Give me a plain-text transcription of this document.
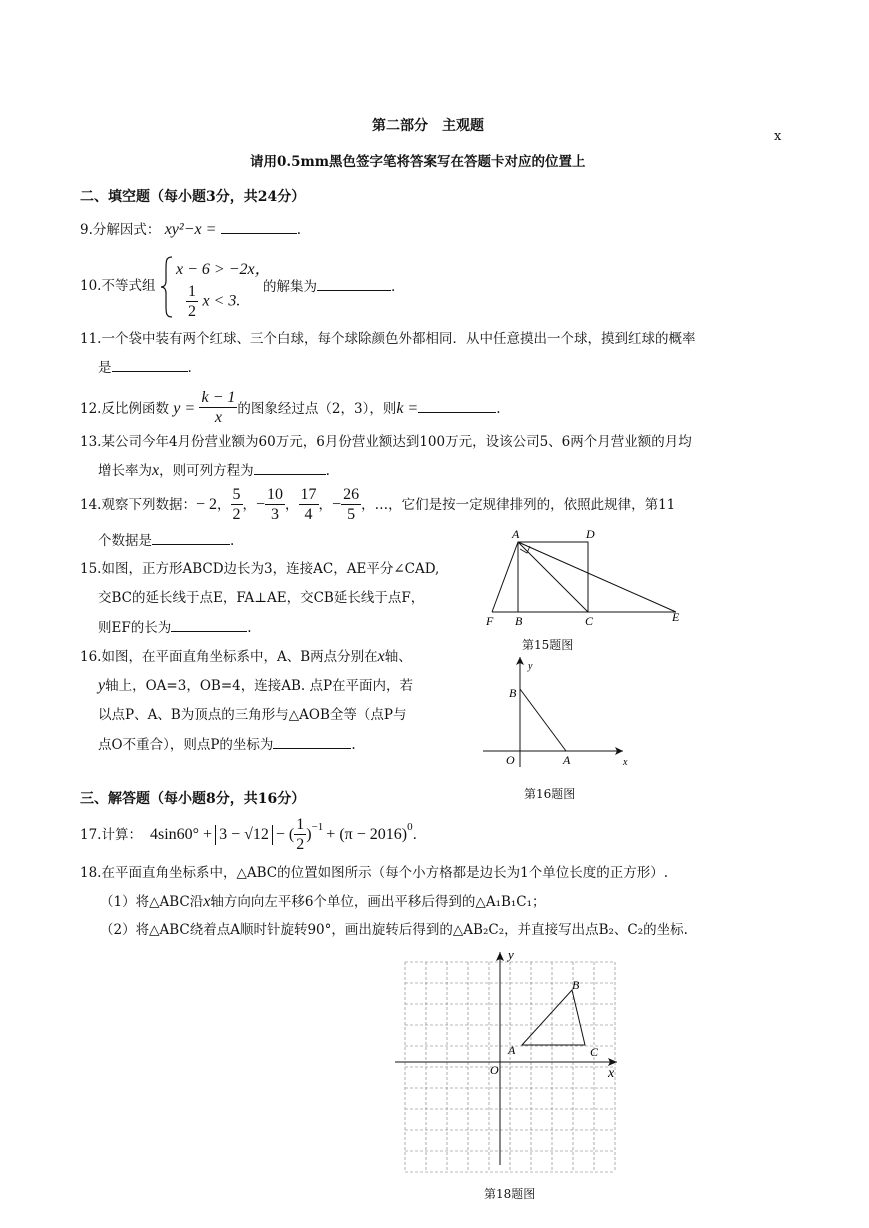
第二部分　主观题
x
请用0.5mm黑色签字笔将答案写在答题卡对应的位置上
二、填空题（每小题3分，共24分）
9.分解因式： xy²−x =	.
10.不等式组
x − 6 > −2x，
$\frac{1}{2}$ x < 3.
的解集为	.
11.一个袋中装有两个红球、三个白球，每个球除颜色外都相同．从中任意摸出一个球，摸到红球的概率
是	.
12.反比例函数 $y = \frac{k - 1}{x}$ 的图象经过点（2，3），则k =	.
13.某公司今年4月份营业额为60万元，6月份营业额达到100万元，设该公司5、6两个月营业额的月均
增长率为x，则可列方程为	.
14.观察下列数据： − 2 ， $\frac{5}{2}$ ， − $\frac{10}{3}$ ， $\frac{17}{4}$ ， − $\frac{26}{5}$ ，…，它们是按一定规律排列的，依照此规律，第11
个数据是	.
15.如图，正方形ABCD边长为3，连接AC，AE平分∠CAD,
交BC的延长线于点E，FA⊥AE，交CB延长线于点F，
则EF的长为	.
A	D
F B	C	E
第15题图
16.如图，在平面直角坐标系中，A、B两点分别在x轴、
y轴上，OA=3，OB=4，连接AB. 点P在平面内，若
以点P、A、B为顶点的三角形与△AOB全等（点P与
点O不重合），则点P的坐标为	.
y
B
O	A	x
第16题图
三、解答题（每小题8分，共16分）
17.计算： 4sin60° + 3 − √12 − ( $\frac{1}{2} )^{-1} + (\pi - 2016)^0$ .
18.在平面直角坐标系中，△ABC的位置如图所示（每个小方格都是边长为1个单位长度的正方形）.
（1）将△ABC沿x轴方向向左平移6个单位，画出平移后得到的△A₁B₁C₁；
（2）将△ABC绕着点A顺时针旋转90°，画出旋转后得到的△AB₂C₂，并直接写出点B₂、C₂的坐标.
y
x
O
A
B
C
第18题图
